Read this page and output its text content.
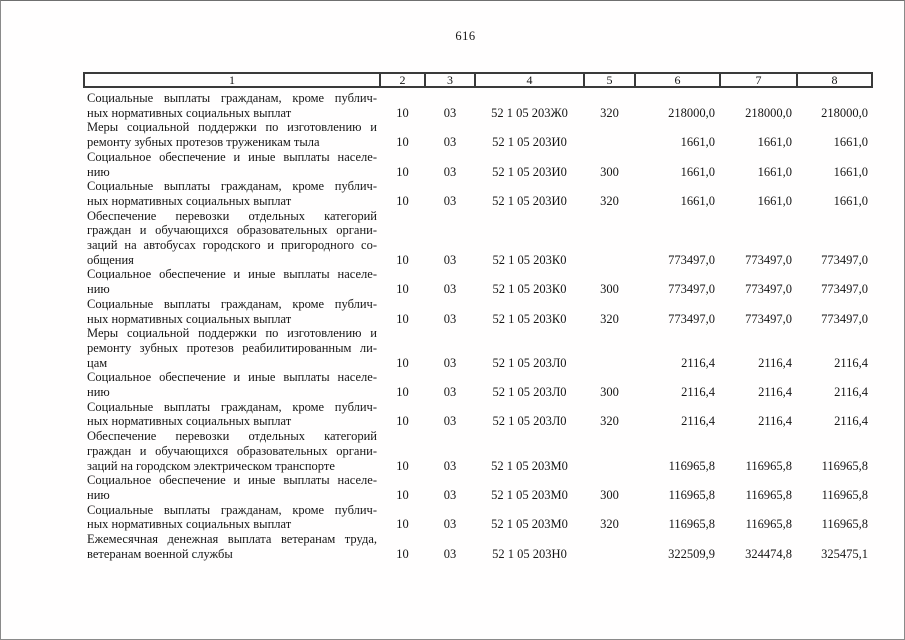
616
1	2	3	4	5	6	7	8

Социальные выплаты гражданам, кроме публич-
ных нормативных социальных выплат	10	03	52 1 05 203Ж0	320	218000,0	218000,0	218000,0

Меры социальной поддержки по изготовлению и
ремонту зубных протезов труженикам тыла	10	03	52 1 05 203И0		1661,0	1661,0	1661,0

Социальное обеспечение и иные выплаты населе-
нию	10	03	52 1 05 203И0	300	1661,0	1661,0	1661,0

Социальные выплаты гражданам, кроме публич-
ных нормативных социальных выплат	10	03	52 1 05 203И0	320	1661,0	1661,0	1661,0

Обеспечение перевозки отдельных категорий
граждан и обучающихся образовательных органи-
заций на автобусах городского и пригородного со-
общения	10	03	52 1 05 203К0		773497,0	773497,0	773497,0

Социальное обеспечение и иные выплаты населе-
нию	10	03	52 1 05 203К0	300	773497,0	773497,0	773497,0

Социальные выплаты гражданам, кроме публич-
ных нормативных социальных выплат	10	03	52 1 05 203К0	320	773497,0	773497,0	773497,0

Меры социальной поддержки по изготовлению и
ремонту зубных протезов реабилитированным ли-
цам	10	03	52 1 05 203Л0		2116,4	2116,4	2116,4

Социальное обеспечение и иные выплаты населе-
нию	10	03	52 1 05 203Л0	300	2116,4	2116,4	2116,4

Социальные выплаты гражданам, кроме публич-
ных нормативных социальных выплат	10	03	52 1 05 203Л0	320	2116,4	2116,4	2116,4

Обеспечение перевозки отдельных категорий
граждан и обучающихся образовательных органи-
заций на городском электрическом транспорте	10	03	52 1 05 203М0		116965,8	116965,8	116965,8

Социальное обеспечение и иные выплаты населе-
нию	10	03	52 1 05 203М0	300	116965,8	116965,8	116965,8

Социальные выплаты гражданам, кроме публич-
ных нормативных социальных выплат	10	03	52 1 05 203М0	320	116965,8	116965,8	116965,8

Ежемесячная денежная выплата ветеранам труда,
ветеранам военной службы	10	03	52 1 05 203Н0		322509,9	324474,8	325475,1
